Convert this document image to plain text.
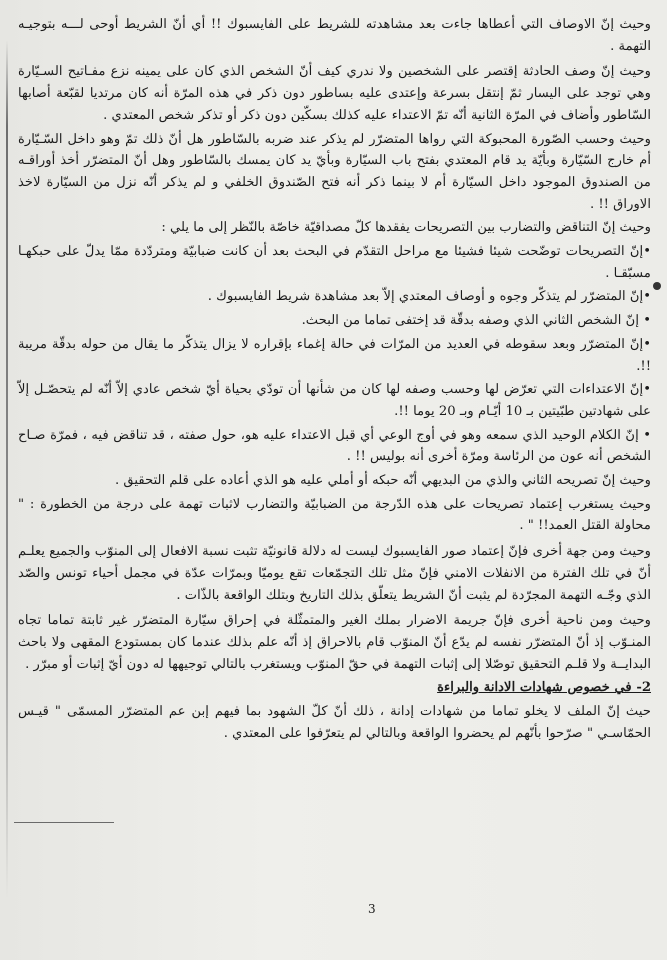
وحيث إنّ الاوصاف التي أعطاها جاءت بعد مشاهدته للشريط على الفايسبوك !! أي أنّ الشريط أوحى لـــه بتوجيـه التهمة .

وحيث إنّ وصف الحادثة إقتصر على الشخصين ولا ندري كيف أنّ الشخص الذي كان على يمينه نزع مفـاتيح السـيّارة وهي توجد على اليسار ثمّ إنتقل بسرعة وإعتدى عليه بساطور دون ذكر في هذه المرّة أنه كان مرتديا لقبّعة أصابها السّاطور وأضاف في المرّة الثانية أنّه تمّ الاعتداء عليه كذلك بسكّين دون ذكر أو تذكر شخص المعتدي .

وحيث وحسب الصّورة المحبوكة التي رواها المتضرّر لم يذكر عند ضربه بالسّاطور هل أنّ ذلك تمّ وهو داخل السّـيّارة أم خارج السّيّارة وبأيّة يد قام المعتدي بفتح باب السيّارة وبأيّ يد كان يمسك بالسّاطور وهل أنّ المتضرّر أخذ أوراقـه من الصندوق الموجود داخل السيّارة أم لا بينما ذكر أنه فتح الصّندوق الخلفي و لم يذكر أنّه نزل من السيّارة لاخذ الاوراق !! .

وحيث إنّ التناقض والتضارب بين التصريحات يفقدها كلّ مصداقيّة خاصّة بالنّظر إلى ما يلي :

•إنّ التصريحات توضّحت شيئا فشيئا مع مراحل التقدّم في البحث بعد أن كانت ضبابيّة ومتردّدة ممّا يدلّ على حبكهـا مسبّقـا .

•إنّ المتضرّر لم يتذكّر وجوه و أوصاف المعتدي إلاّ بعد مشاهدة شريط الفايسبوك .

• إنّ الشخص الثاني الذي وصفه بدقّة قد إختفى تماما من البحث.

•إنّ المتضرّر وبعد سقوطه في العديد من المرّات في حالة إغماء بإقراره لا يزال يتذكّر ما يقال من حوله بدقّة مريبة !!.

•إنّ الاعتداءات التي تعرّض لها وحسب وصفه لها كان من شأنها أن تودّي بحياة أيّ شخص عادي إلاّ أنّه لم يتحصّـل إلاّ على شهادتين طبّيتين بـ 10 أيّـام وبـ 20 يوما !!.

• إنّ الكلام الوحيد الذي سمعه وهو في أوج الوعي أي قبل الاعتداء عليه هو، حول صفته ، قد تناقض فيه ، فمرّة صـاح الشخص أنه عون من الرئاسة ومرّة أخرى أنه بوليس !! .

وحيث إنّ تصريحه الثاني والذي من البديهي أنّه حبكه أو أملي عليه هو الذي أعاده على قلم التحقيق .

وحيث يستغرب إعتماد تصريحات على هذه الدّرجة من الضبابيّة والتضارب لاثبات تهمة على درجة من الخطورة : " محاولة القتل العمد!! " .

وحيث ومن جهة أخرى فإنّ إعتماد صور الفايسبوك ليست له دلالة قانونيّة تثبت نسبة الافعال إلى المنوّب والجميع يعلـم أنّ في تلك الفترة من الانفلات الامني فإنّ مثل تلك التجمّعات تقع يوميّا وبمرّات عدّة في مجمل أحياء تونس والصّد الذي وجّـه التهمة المجرّدة لم يثبت أنّ الشريط يتعلّق بذلك التاريخ وبتلك الواقعة بالذّات .

وحيث ومن ناحية أخرى فإنّ جريمة الاضرار بملك الغير والمتمثّلة في إحراق سيّارة المتضرّر غير ثابتة تماما تجاه المنـوّب إذ أنّ المتضرّر نفسه لم يدّع أنّ المنوّب قام بالاحراق إذ أنّه علم بذلك عندما كان بمستودع المقهى ولا باحث البدايــة ولا قلـم التحقيق توصّلا إلى إثبات التهمة في حقّ المنوّب ويستغرب بالتالي توجيهها له دون أيّ إثبات أو مبرّر .

2- في خصوص شهادات الادانة والبراءة

حيث إنّ الملف لا يخلو تماما من شهادات إدانة ، ذلك أنّ كلّ الشهود بما فيهم إبن عم المتضرّر المسمّى " قيـس الحمّاسـي " صرّحوا بأنّهم لم يحضروا الواقعة وبالتالي لم يتعرّفوا على المعتدي .

3
